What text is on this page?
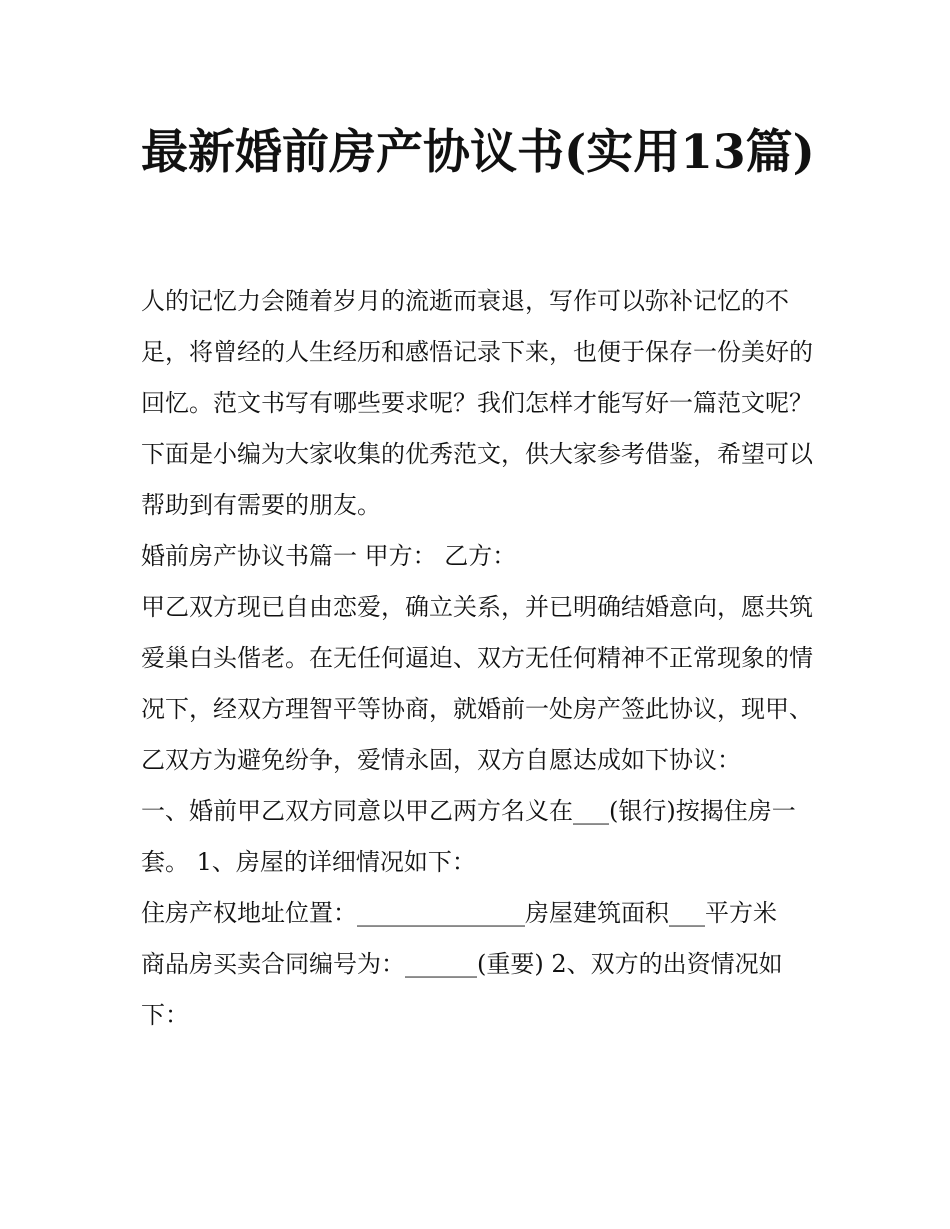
最新婚前房产协议书(实用13篇)

人的记忆力会随着岁月的流逝而衰退，写作可以弥补记忆的不足，将曾经的人生经历和感悟记录下来，也便于保存一份美好的回忆。范文书写有哪些要求呢？我们怎样才能写好一篇范文呢？下面是小编为大家收集的优秀范文，供大家参考借鉴，希望可以帮助到有需要的朋友。

婚前房产协议书篇一 甲方： 乙方：

甲乙双方现已自由恋爱，确立关系，并已明确结婚意向，愿共筑爱巢白头偕老。在无任何逼迫、双方无任何精神不正常现象的情况下，经双方理智平等协商，就婚前一处房产签此协议，现甲、乙双方为避免纷争，爱情永固，双方自愿达成如下协议：

一、婚前甲乙双方同意以甲乙两方名义在___(银行)按揭住房一套。 1、房屋的详细情况如下：

住房产权地址位置：______________房屋建筑面积___平方米

商品房买卖合同编号为：______(重要) 2、双方的出资情况如下：
